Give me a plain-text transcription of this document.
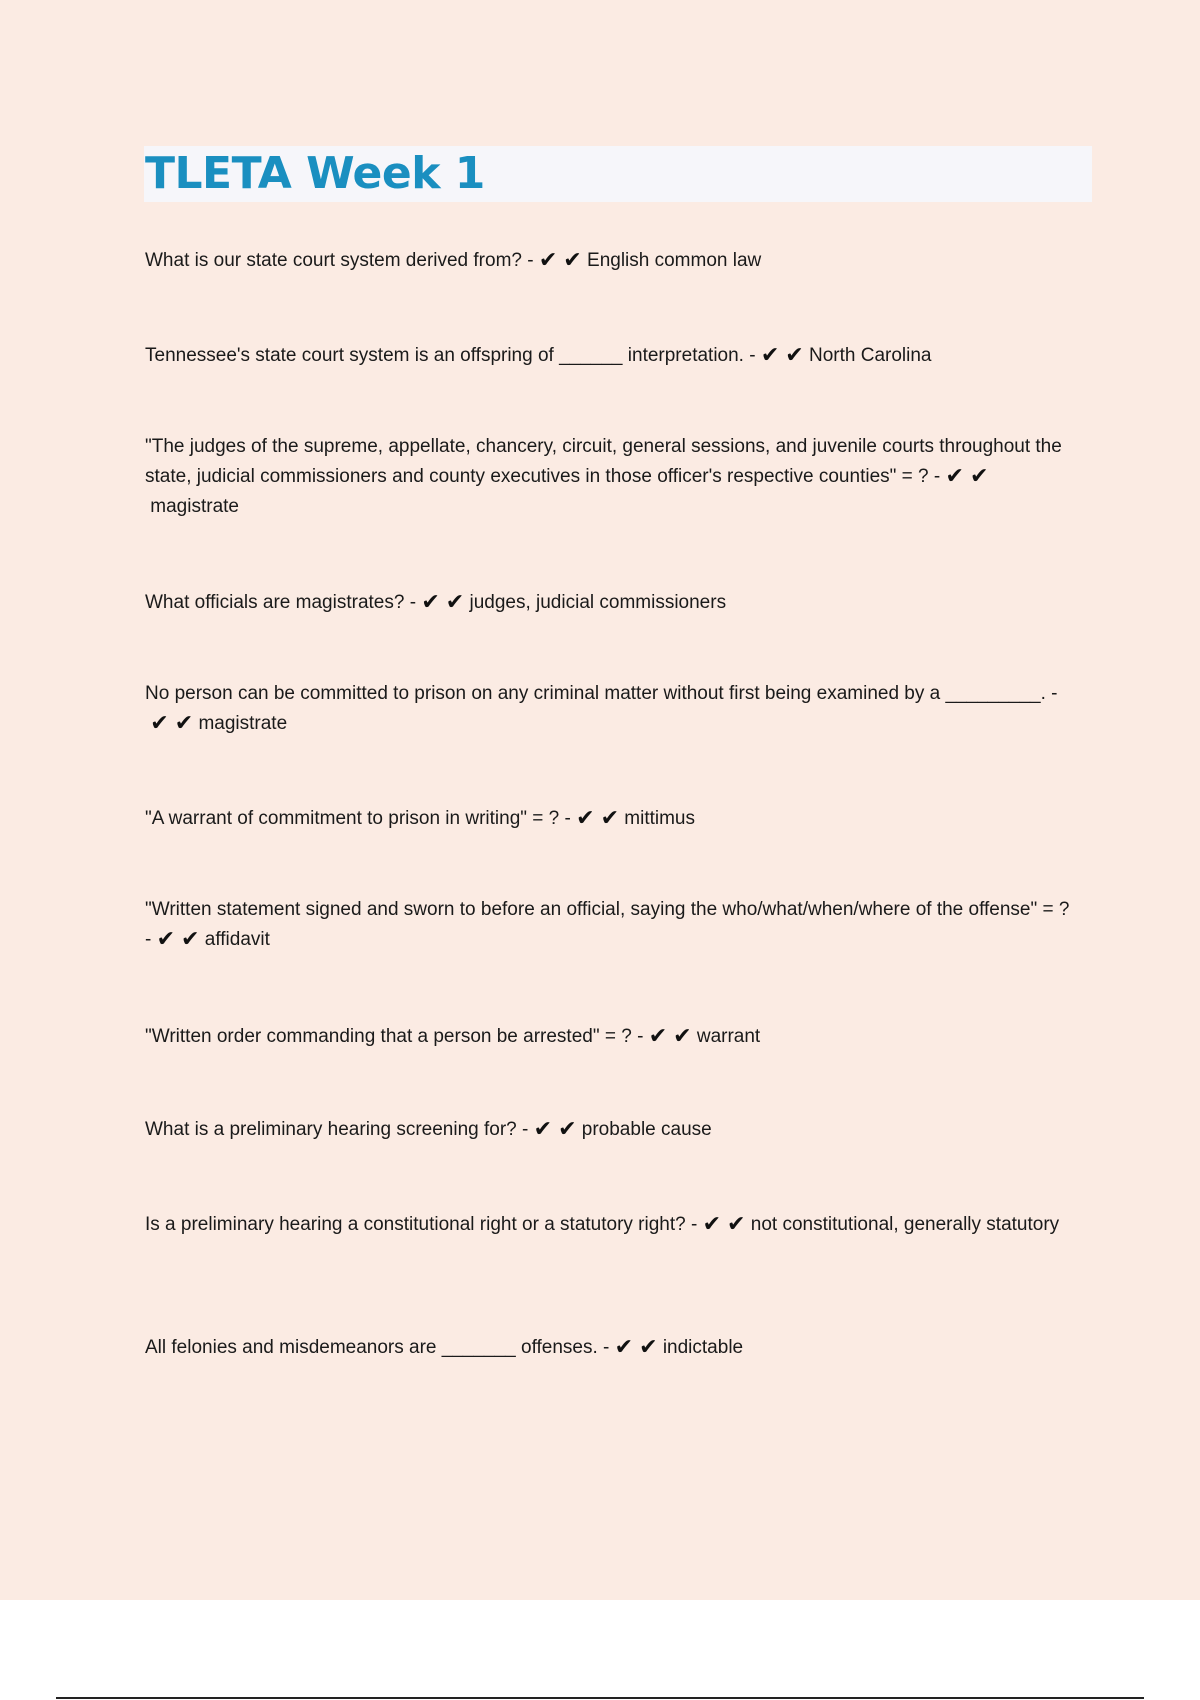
TLETA Week 1
What is our state court system derived from? - ✔ ✔ English common law
Tennessee's state court system is an offspring of ______ interpretation. - ✔ ✔ North Carolina
"The judges of the supreme, appellate, chancery, circuit, general sessions, and juvenile courts throughout the state, judicial commissioners and county executives in those officer's respective counties" = ? - ✔ ✔ magistrate
What officials are magistrates? - ✔ ✔ judges, judicial commissioners
No person can be committed to prison on any criminal matter without first being examined by a _________. - ✔ ✔ magistrate
"A warrant of commitment to prison in writing" = ? - ✔ ✔ mittimus
"Written statement signed and sworn to before an official, saying the who/what/when/where of the offense" = ? - ✔ ✔ affidavit
"Written order commanding that a person be arrested" = ? - ✔ ✔ warrant
What is a preliminary hearing screening for? - ✔ ✔ probable cause
Is a preliminary hearing a constitutional right or a statutory right? - ✔ ✔ not constitutional, generally statutory
All felonies and misdemeanors are _______ offenses. - ✔ ✔ indictable
